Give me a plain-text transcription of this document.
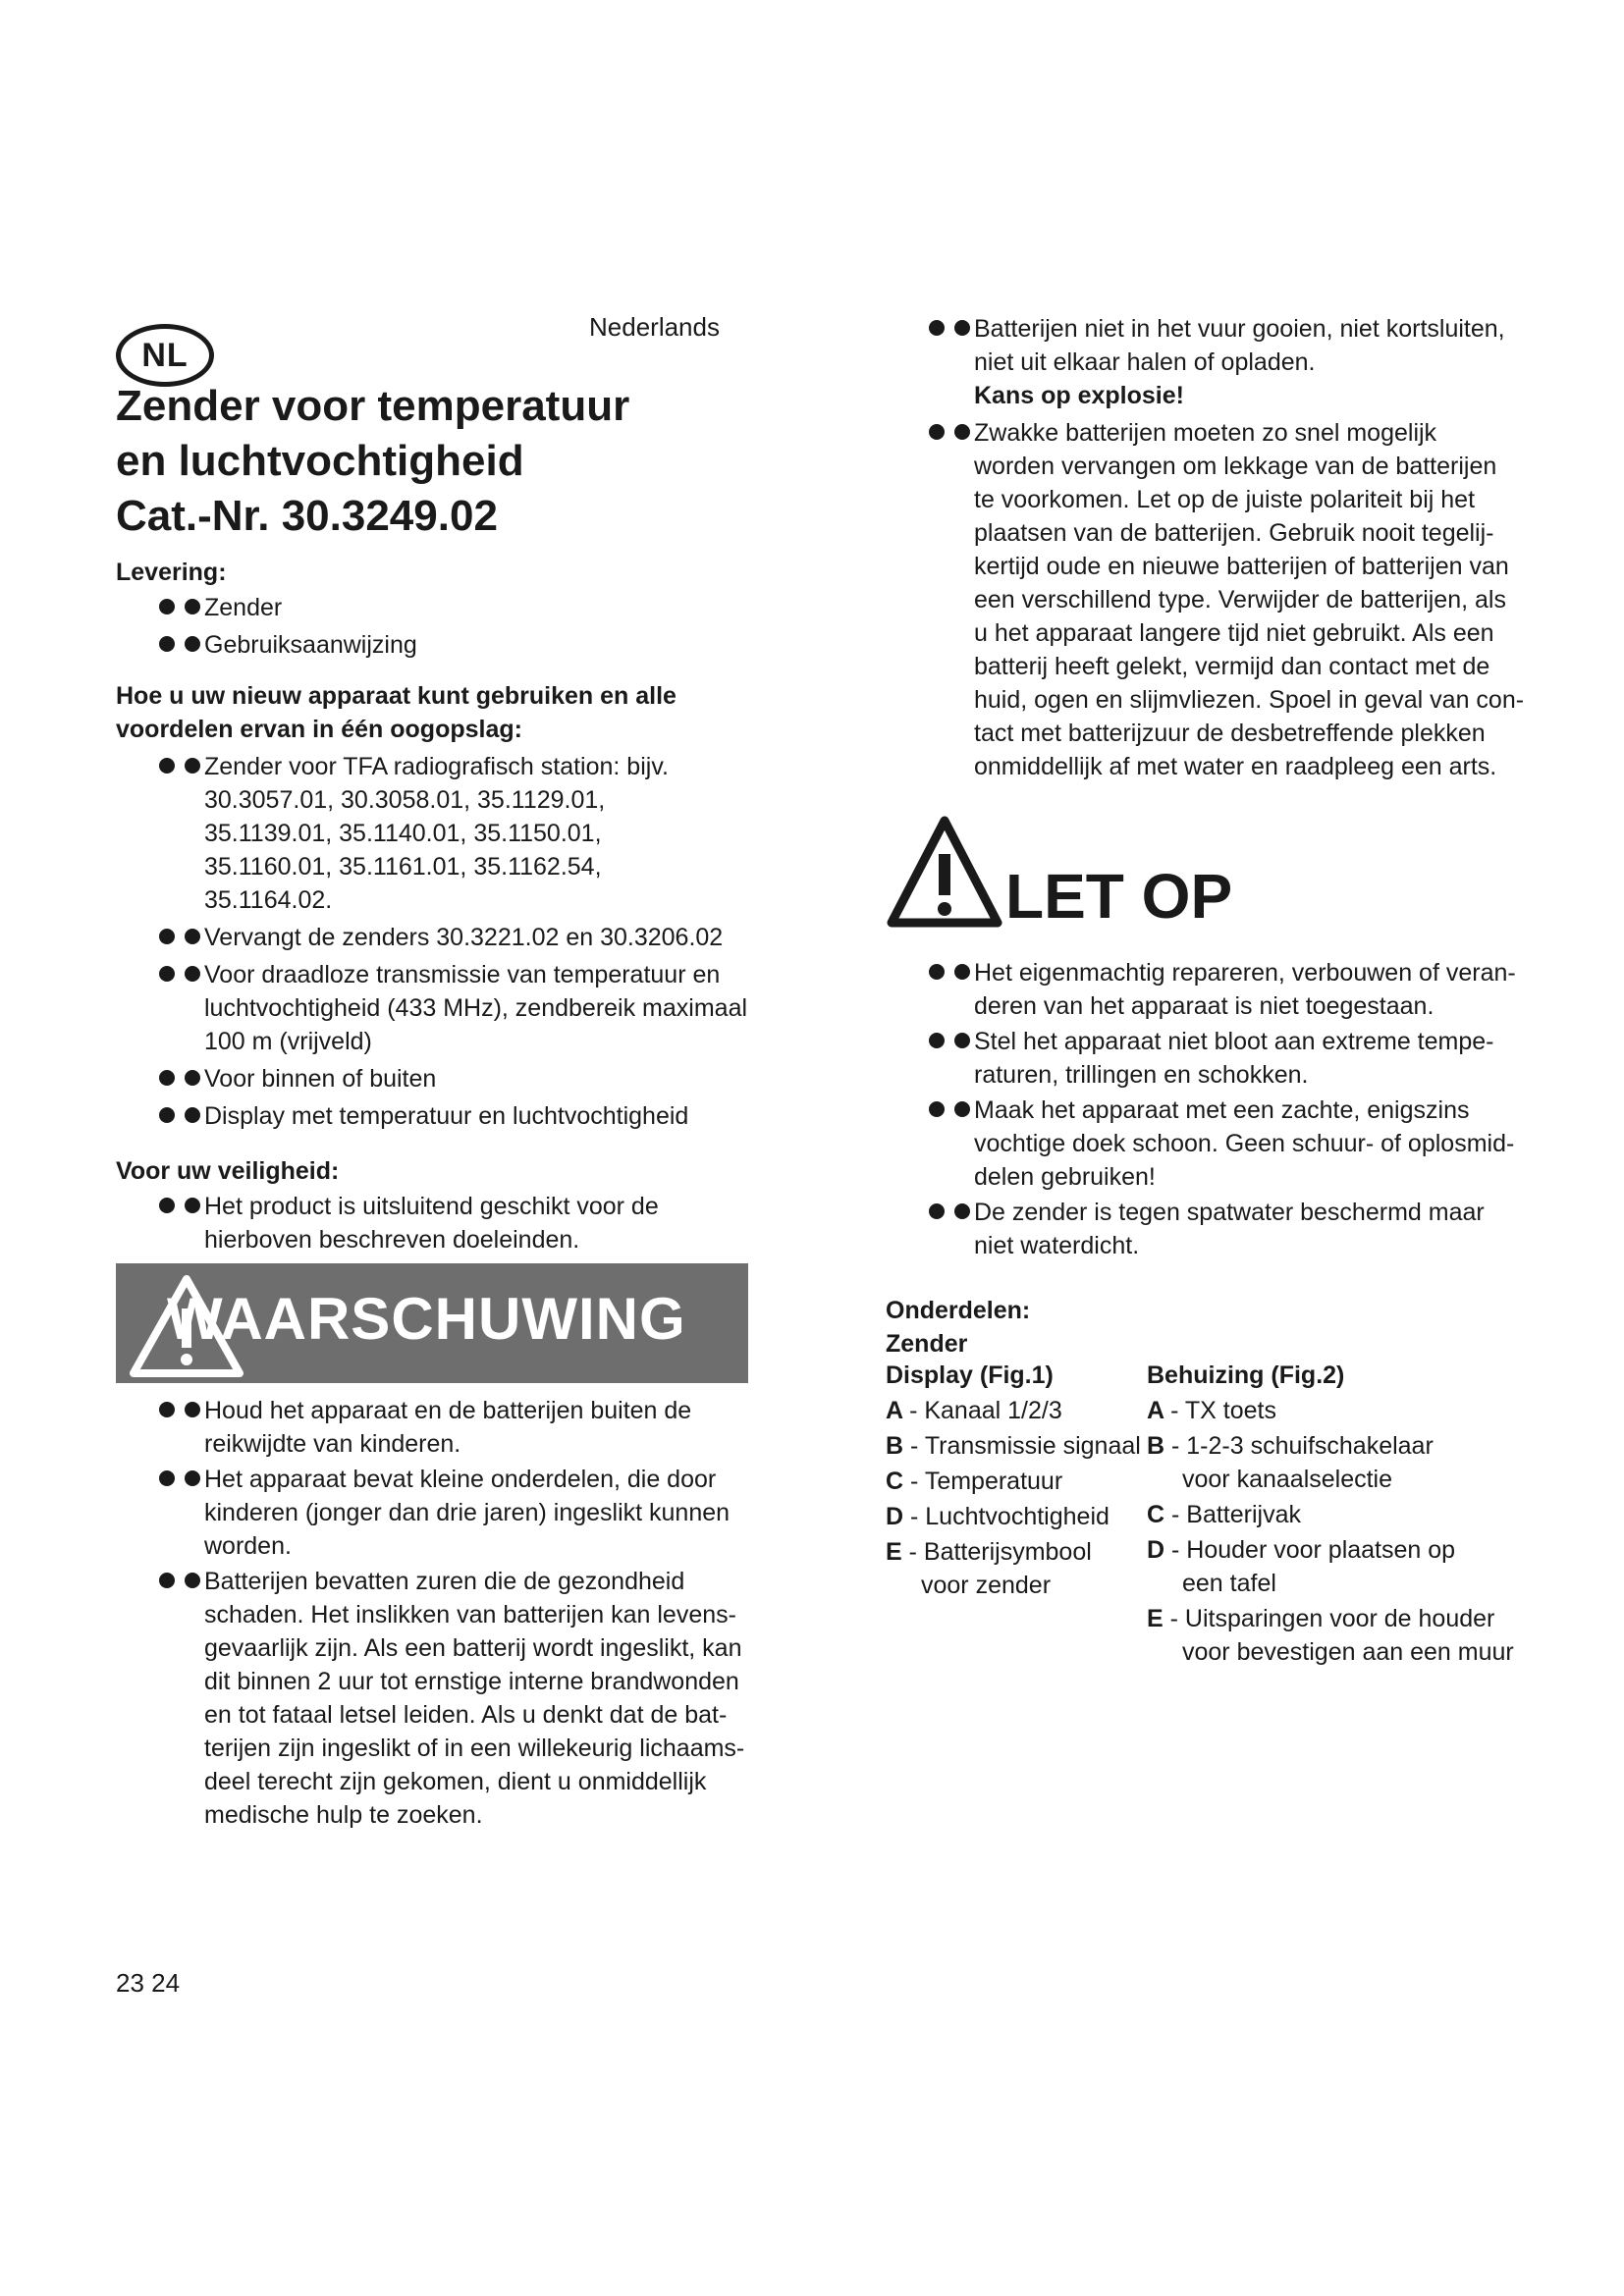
NL
Nederlands
Zender voor temperatuur
en luchtvochtigheid
Cat.-Nr. 30.3249.02
Levering:
Zender
Gebruiksaanwijzing
Hoe u uw nieuw apparaat kunt gebruiken en alle
voordelen ervan in één oogopslag:
Zender voor TFA radiografisch station: bijv.
30.3057.01, 30.3058.01, 35.1129.01,
35.1139.01, 35.1140.01, 35.1150.01,
35.1160.01, 35.1161.01, 35.1162.54,
35.1164.02.
Vervangt de zenders 30.3221.02 en 30.3206.02
Voor draadloze transmissie van temperatuur en
luchtvochtigheid (433 MHz), zendbereik maximaal
100 m (vrijveld)
Voor binnen of buiten
Display met temperatuur en luchtvochtigheid
Voor uw veiligheid:
Het product is uitsluitend geschikt voor de
hierboven beschreven doeleinden.
WAARSCHUWING
Houd het apparaat en de batterijen buiten de
reikwijdte van kinderen.
Het apparaat bevat kleine onderdelen, die door
kinderen (jonger dan drie jaren) ingeslikt kunnen
worden.
Batterijen bevatten zuren die de gezondheid
schaden. Het inslikken van batterijen kan levens-
gevaarlijk zijn. Als een batterij wordt ingeslikt, kan
dit binnen 2 uur tot ernstige interne brandwonden
en tot fataal letsel leiden. Als u denkt dat de bat-
terijen zijn ingeslikt of in een willekeurig lichaams-
deel terecht zijn gekomen, dient u onmiddellijk
medische hulp te zoeken.
Batterijen niet in het vuur gooien, niet kortsluiten,
niet uit elkaar halen of opladen.
Kans op explosie!
Zwakke batterijen moeten zo snel mogelijk
worden vervangen om lekkage van de batterijen
te voorkomen. Let op de juiste polariteit bij het
plaatsen van de batterijen. Gebruik nooit tegelij-
kertijd oude en nieuwe batterijen of batterijen van
een verschillend type. Verwijder de batterijen, als
u het apparaat langere tijd niet gebruikt. Als een
batterij heeft gelekt, vermijd dan contact met de
huid, ogen en slijmvliezen. Spoel in geval van con-
tact met batterijzuur de desbetreffende plekken
onmiddellijk af met water en raadpleeg een arts.
LET OP
Het eigenmachtig repareren, verbouwen of veran-
deren van het apparaat is niet toegestaan.
Stel het apparaat niet bloot aan extreme tempe-
raturen, trillingen en schokken.
Maak het apparaat met een zachte, enigszins
vochtige doek schoon. Geen schuur- of oplosmid-
delen gebruiken!
De zender is tegen spatwater beschermd maar
niet waterdicht.
Onderdelen:
Zender
Display (Fig.1)	Behuizing (Fig.2)
A - Kanaal 1/2/3
B - Transmissie signaal
C - Temperatuur
D - Luchtvochtigheid
E - Batterijsymbool
voor zender
A - TX toets
B - 1-2-3 schuifschakelaar
voor kanaalselectie
C - Batterijvak
D - Houder voor plaatsen op
een tafel
E - Uitsparingen voor de houder
voor bevestigen aan een muur
23 24
